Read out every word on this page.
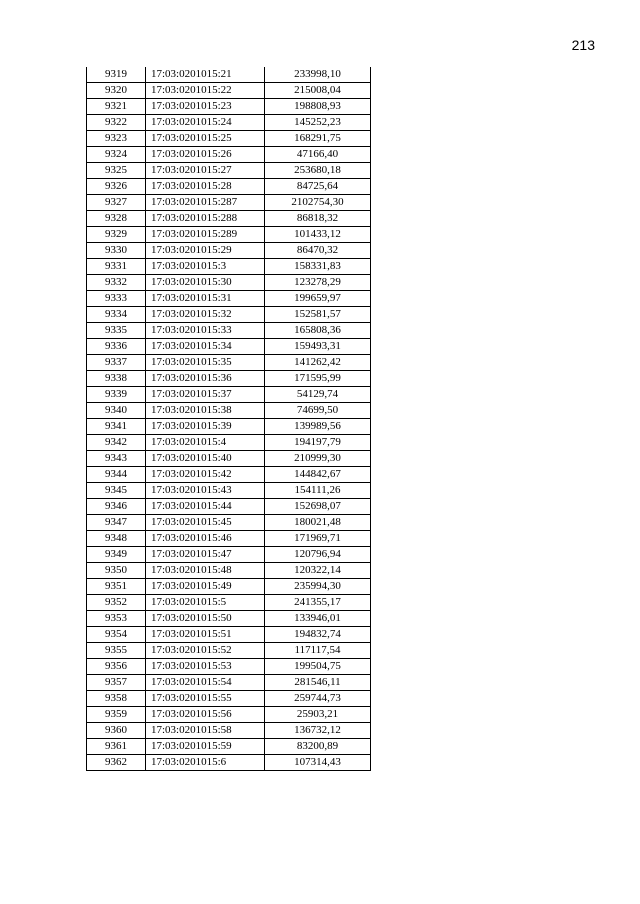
213
9319	17:03:0201015:21	233998,10
9320	17:03:0201015:22	215008,04
9321	17:03:0201015:23	198808,93
9322	17:03:0201015:24	145252,23
9323	17:03:0201015:25	168291,75
9324	17:03:0201015:26	47166,40
9325	17:03:0201015:27	253680,18
9326	17:03:0201015:28	84725,64
9327	17:03:0201015:287	2102754,30
9328	17:03:0201015:288	86818,32
9329	17:03:0201015:289	101433,12
9330	17:03:0201015:29	86470,32
9331	17:03:0201015:3	158331,83
9332	17:03:0201015:30	123278,29
9333	17:03:0201015:31	199659,97
9334	17:03:0201015:32	152581,57
9335	17:03:0201015:33	165808,36
9336	17:03:0201015:34	159493,31
9337	17:03:0201015:35	141262,42
9338	17:03:0201015:36	171595,99
9339	17:03:0201015:37	54129,74
9340	17:03:0201015:38	74699,50
9341	17:03:0201015:39	139989,56
9342	17:03:0201015:4	194197,79
9343	17:03:0201015:40	210999,30
9344	17:03:0201015:42	144842,67
9345	17:03:0201015:43	154111,26
9346	17:03:0201015:44	152698,07
9347	17:03:0201015:45	180021,48
9348	17:03:0201015:46	171969,71
9349	17:03:0201015:47	120796,94
9350	17:03:0201015:48	120322,14
9351	17:03:0201015:49	235994,30
9352	17:03:0201015:5	241355,17
9353	17:03:0201015:50	133946,01
9354	17:03:0201015:51	194832,74
9355	17:03:0201015:52	117117,54
9356	17:03:0201015:53	199504,75
9357	17:03:0201015:54	281546,11
9358	17:03:0201015:55	259744,73
9359	17:03:0201015:56	25903,21
9360	17:03:0201015:58	136732,12
9361	17:03:0201015:59	83200,89
9362	17:03:0201015:6	107314,43
